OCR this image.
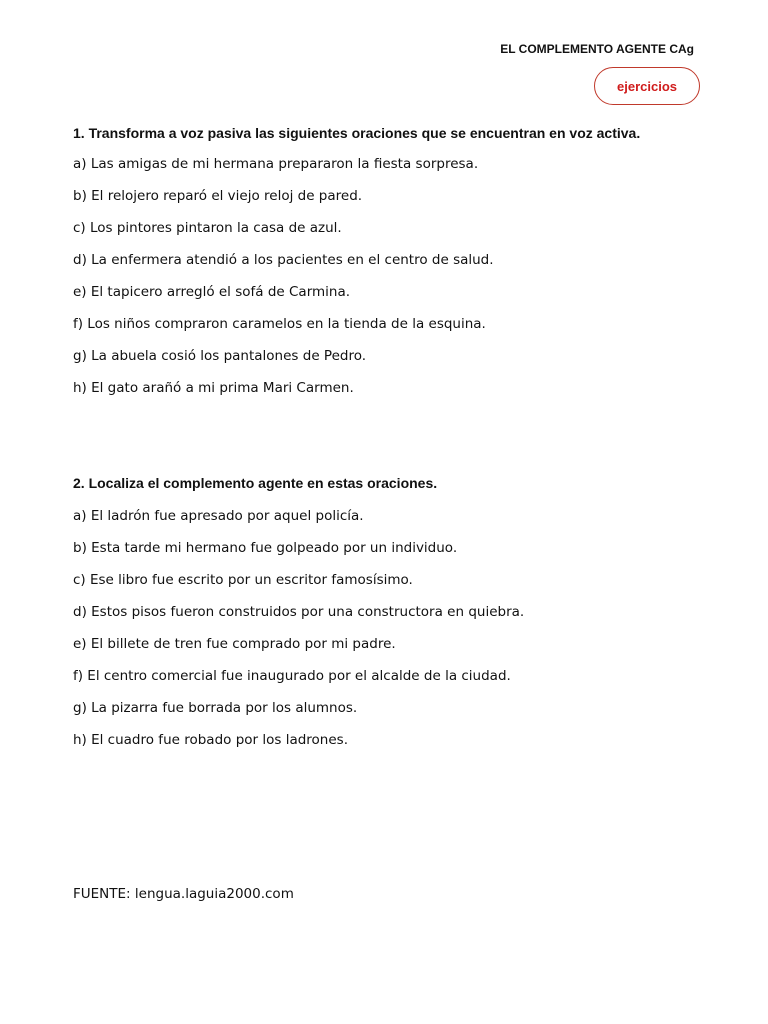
EL COMPLEMENTO AGENTE CAg
ejercicios

1. Transforma a voz pasiva las siguientes oraciones que se encuentran en voz activa.

a) Las amigas de mi hermana prepararon la fiesta sorpresa.

b) El relojero reparó el viejo reloj de pared.

c) Los pintores pintaron la casa de azul.

d) La enfermera atendió a los pacientes en el centro de salud.

e) El tapicero arregló el sofá de Carmina.

f) Los niños compraron caramelos en la tienda de la esquina.

g) La abuela cosió los pantalones de Pedro.

h) El gato arañó a mi prima Mari Carmen.

2. Localiza el complemento agente en estas oraciones.

a) El ladrón fue apresado por aquel policía.

b) Esta tarde mi hermano fue golpeado por un individuo.

c) Ese libro fue escrito por un escritor famosísimo.

d) Estos pisos fueron construidos por una constructora en quiebra.

e) El billete de tren fue comprado por mi padre.

f) El centro comercial fue inaugurado por el alcalde de la ciudad.

g) La pizarra fue borrada por los alumnos.

h) El cuadro fue robado por los ladrones.

FUENTE: lengua.laguia2000.com
